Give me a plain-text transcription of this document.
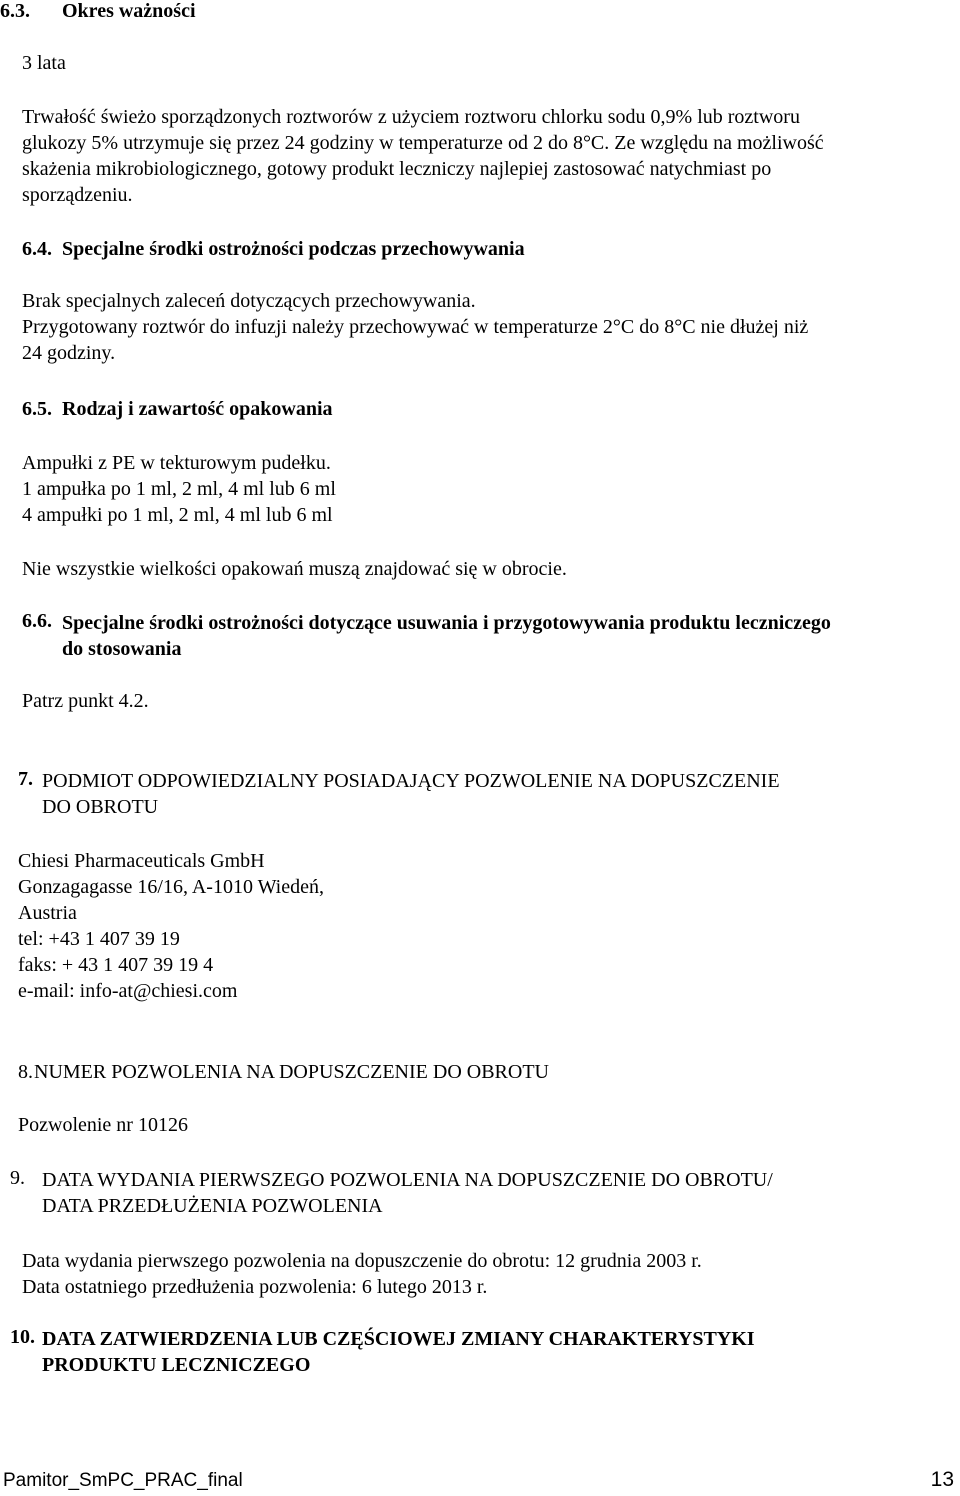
6.3.	Okres ważności
3 lata
Trwałość świeżo sporządzonych roztworów z użyciem roztworu chlorku sodu 0,9% lub roztworu
glukozy 5% utrzymuje się przez 24 godziny w temperaturze od 2 do 8°C. Ze względu na możliwość
skażenia mikrobiologicznego, gotowy produkt leczniczy najlepiej zastosować natychmiast po
sporządzeniu.
6.4. Specjalne środki ostrożności podczas przechowywania
Brak specjalnych zaleceń dotyczących przechowywania.
Przygotowany roztwór do infuzji należy przechowywać w temperaturze 2°C do 8°C nie dłużej niż
24 godziny.
6.5. Rodzaj i zawartość opakowania
Ampułki z PE w tekturowym pudełku.
1 ampułka po 1 ml, 2 ml, 4 ml lub 6 ml
4 ampułki po 1 ml, 2 ml, 4 ml lub 6 ml
Nie wszystkie wielkości opakowań muszą znajdować się w obrocie.
6.6. Specjalne środki ostrożności dotyczące usuwania i przygotowywania produktu leczniczego
do stosowania
Patrz punkt 4.2.
7. PODMIOT ODPOWIEDZIALNY POSIADAJĄCY POZWOLENIE NA DOPUSZCZENIE
DO OBROTU
Chiesi Pharmaceuticals GmbH
Gonzagagasse 16/16, A-1010 Wiedeń,
Austria
tel: +43 1 407 39 19
faks: + 43 1 407 39 19 4
e-mail: info-at@chiesi.com
8. NUMER POZWOLENIA NA DOPUSZCZENIE DO OBROTU
Pozwolenie nr 10126
9. DATA WYDANIA PIERWSZEGO POZWOLENIA NA DOPUSZCZENIE DO OBROTU/
DATA PRZEDŁUŻENIA POZWOLENIA
Data wydania pierwszego pozwolenia na dopuszczenie do obrotu: 12 grudnia 2003 r.
Data ostatniego przedłużenia pozwolenia: 6 lutego 2013 r.
10. DATA ZATWIERDZENIA LUB CZĘŚCIOWEJ ZMIANY CHARAKTERYSTYKI
PRODUKTU LECZNICZEGO
Pamitor_SmPC_PRAC_final	13
